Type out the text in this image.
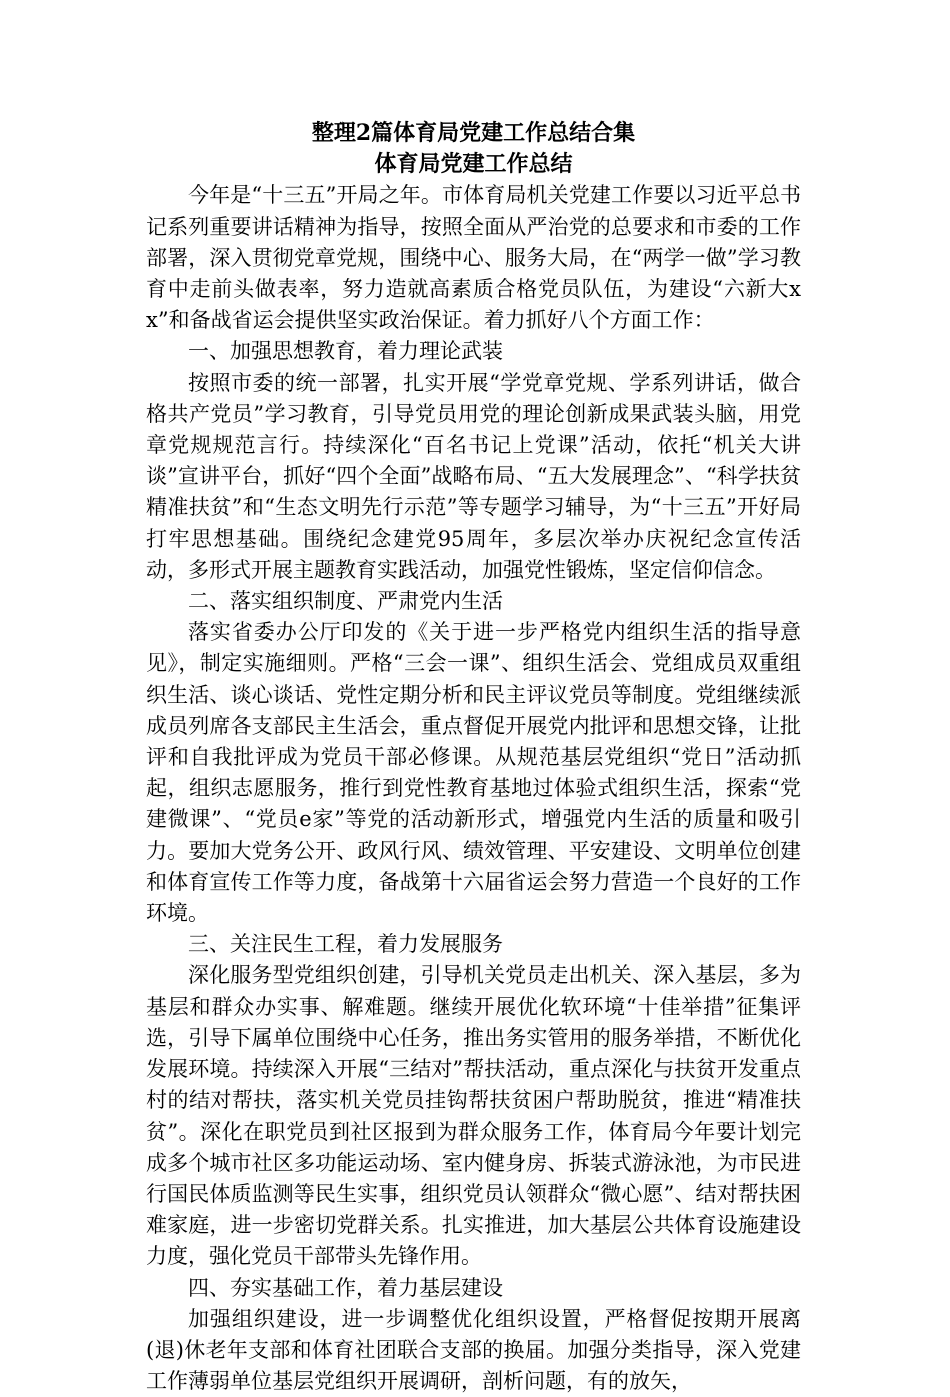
整理2篇体育局党建工作总结合集

体育局党建工作总结

今年是“十三五”开局之年。市体育局机关党建工作要以习近平总书记系列重要讲话精神为指导，按照全面从严治党的总要求和市委的工作部署，深入贯彻党章党规，围绕中心、服务大局，在“两学一做”学习教育中走前头做表率，努力造就高素质合格党员队伍，为建设“六新大xx”和备战省运会提供坚实政治保证。着力抓好八个方面工作：

一、加强思想教育，着力理论武装

按照市委的统一部署，扎实开展“学党章党规、学系列讲话，做合格共产党员”学习教育，引导党员用党的理论创新成果武装头脑，用党章党规规范言行。持续深化“百名书记上党课”活动，依托“机关大讲谈”宣讲平台，抓好“四个全面”战略布局、“五大发展理念”、“科学扶贫精准扶贫”和“生态文明先行示范”等专题学习辅导，为“十三五”开好局打牢思想基础。围绕纪念建党95周年，多层次举办庆祝纪念宣传活动，多形式开展主题教育实践活动，加强党性锻炼，坚定信仰信念。

二、落实组织制度、严肃党内生活

落实省委办公厅印发的《关于进一步严格党内组织生活的指导意见》，制定实施细则。严格“三会一课”、组织生活会、党组成员双重组织生活、谈心谈话、党性定期分析和民主评议党员等制度。党组继续派成员列席各支部民主生活会，重点督促开展党内批评和思想交锋，让批评和自我批评成为党员干部必修课。从规范基层党组织“党日”活动抓起，组织志愿服务，推行到党性教育基地过体验式组织生活，探索“党建微课”、“党员e家”等党的活动新形式，增强党内生活的质量和吸引力。要加大党务公开、政风行风、绩效管理、平安建设、文明单位创建和体育宣传工作等力度，备战第十六届省运会努力营造一个良好的工作环境。

三、关注民生工程，着力发展服务

深化服务型党组织创建，引导机关党员走出机关、深入基层，多为基层和群众办实事、解难题。继续开展优化软环境“十佳举措”征集评选，引导下属单位围绕中心任务，推出务实管用的服务举措，不断优化发展环境。持续深入开展“三结对”帮扶活动，重点深化与扶贫开发重点村的结对帮扶，落实机关党员挂钩帮扶贫困户帮助脱贫，推进“精准扶贫”。深化在职党员到社区报到为群众服务工作，体育局今年要计划完成多个城市社区多功能运动场、室内健身房、拆装式游泳池，为市民进行国民体质监测等民生实事，组织党员认领群众“微心愿”、结对帮扶困难家庭，进一步密切党群关系。扎实推进，加大基层公共体育设施建设力度，强化党员干部带头先锋作用。

四、夯实基础工作，着力基层建设

加强组织建设，进一步调整优化组织设置，严格督促按期开展离(退)休老年支部和体育社团联合支部的换届。加强分类指导，深入党建工作薄弱单位基层党组织开展调研，剖析问题，有的放矢，
